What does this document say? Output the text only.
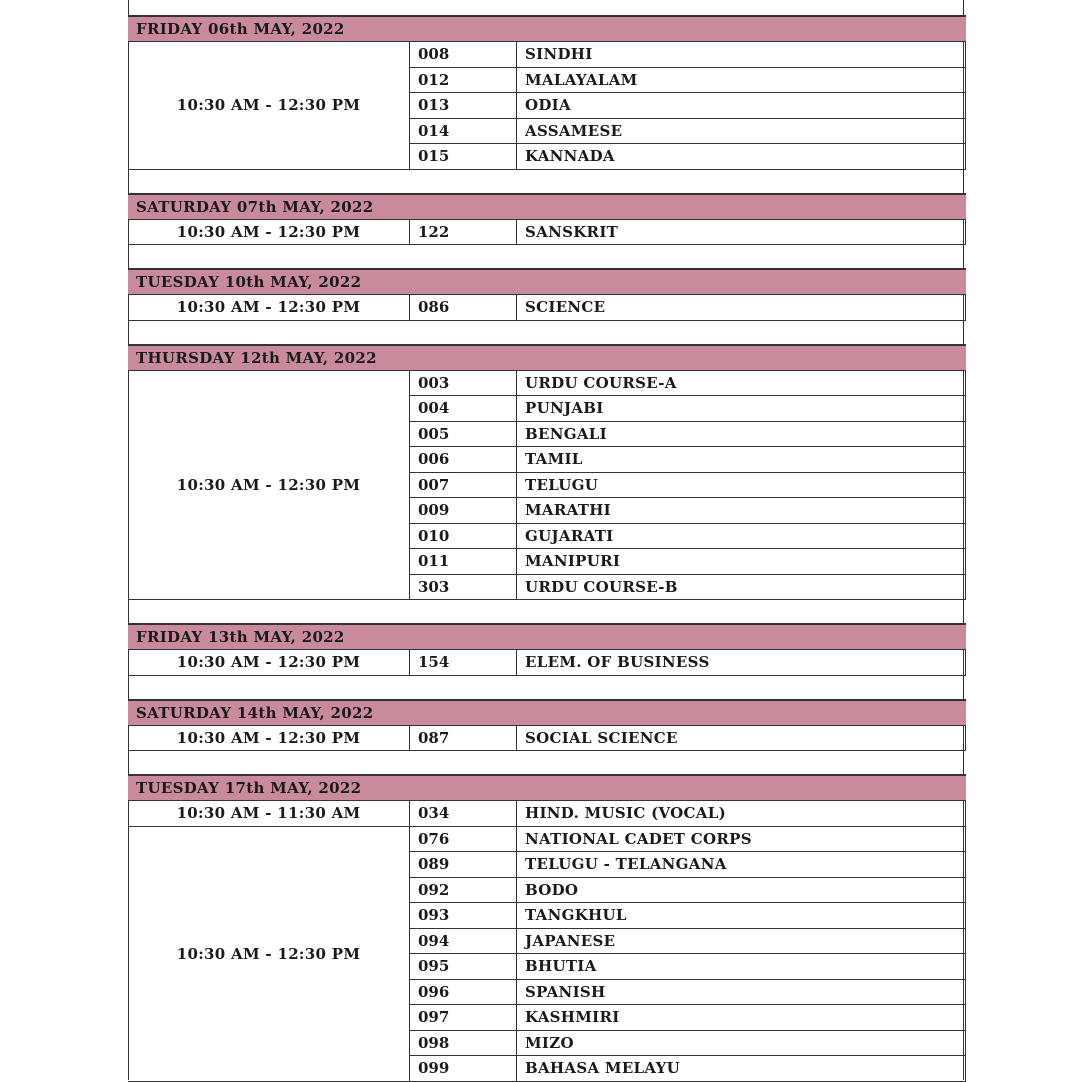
FRIDAY 06th MAY, 2022
10:30 AM - 12:30 PM
008	SINDHI
012	MALAYALAM
013	ODIA
014	ASSAMESE
015	KANNADA
SATURDAY 07th MAY, 2022
10:30 AM - 12:30 PM	122	SANSKRIT
TUESDAY 10th MAY, 2022
10:30 AM - 12:30 PM	086	SCIENCE
THURSDAY 12th MAY, 2022
10:30 AM - 12:30 PM
003	URDU COURSE-A
004	PUNJABI
005	BENGALI
006	TAMIL
007	TELUGU
009	MARATHI
010	GUJARATI
011	MANIPURI
303	URDU COURSE-B
FRIDAY 13th MAY, 2022
10:30 AM - 12:30 PM	154	ELEM. OF BUSINESS
SATURDAY 14th MAY, 2022
10:30 AM - 12:30 PM	087	SOCIAL SCIENCE
TUESDAY 17th MAY, 2022
10:30 AM - 11:30 AM	034	HIND. MUSIC (VOCAL)
10:30 AM - 12:30 PM
076	NATIONAL CADET CORPS
089	TELUGU - TELANGANA
092	BODO
093	TANGKHUL
094	JAPANESE
095	BHUTIA
096	SPANISH
097	KASHMIRI
098	MIZO
099	BAHASA MELAYU
